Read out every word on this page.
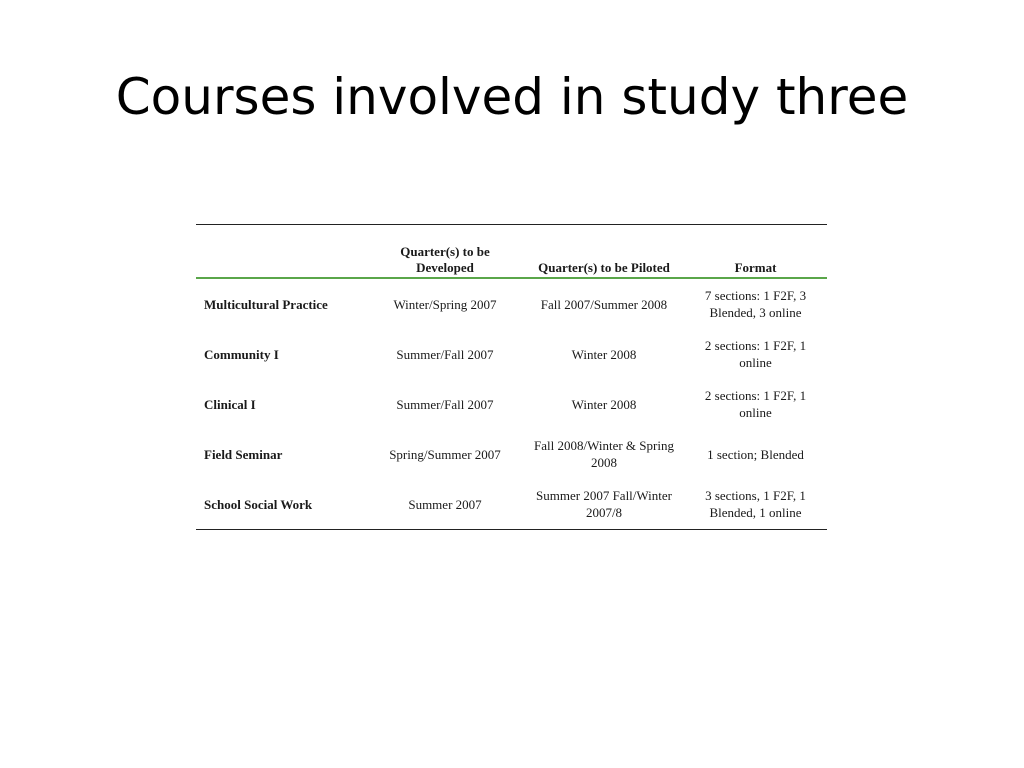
Courses involved in study three
	Quarter(s) to be Developed	Quarter(s) to be Piloted	Format
Multicultural Practice	Winter/Spring 2007	Fall 2007/Summer 2008	7 sections: 1 F2F, 3 Blended, 3 online
Community I	Summer/Fall 2007	Winter 2008	2 sections: 1 F2F, 1 online
Clinical I	Summer/Fall 2007	Winter 2008	2 sections: 1 F2F, 1 online
Field Seminar	Spring/Summer 2007	Fall 2008/Winter & Spring 2008	1 section; Blended
School Social Work	Summer 2007	Summer 2007 Fall/Winter 2007/8	3 sections, 1 F2F, 1 Blended, 1 online
